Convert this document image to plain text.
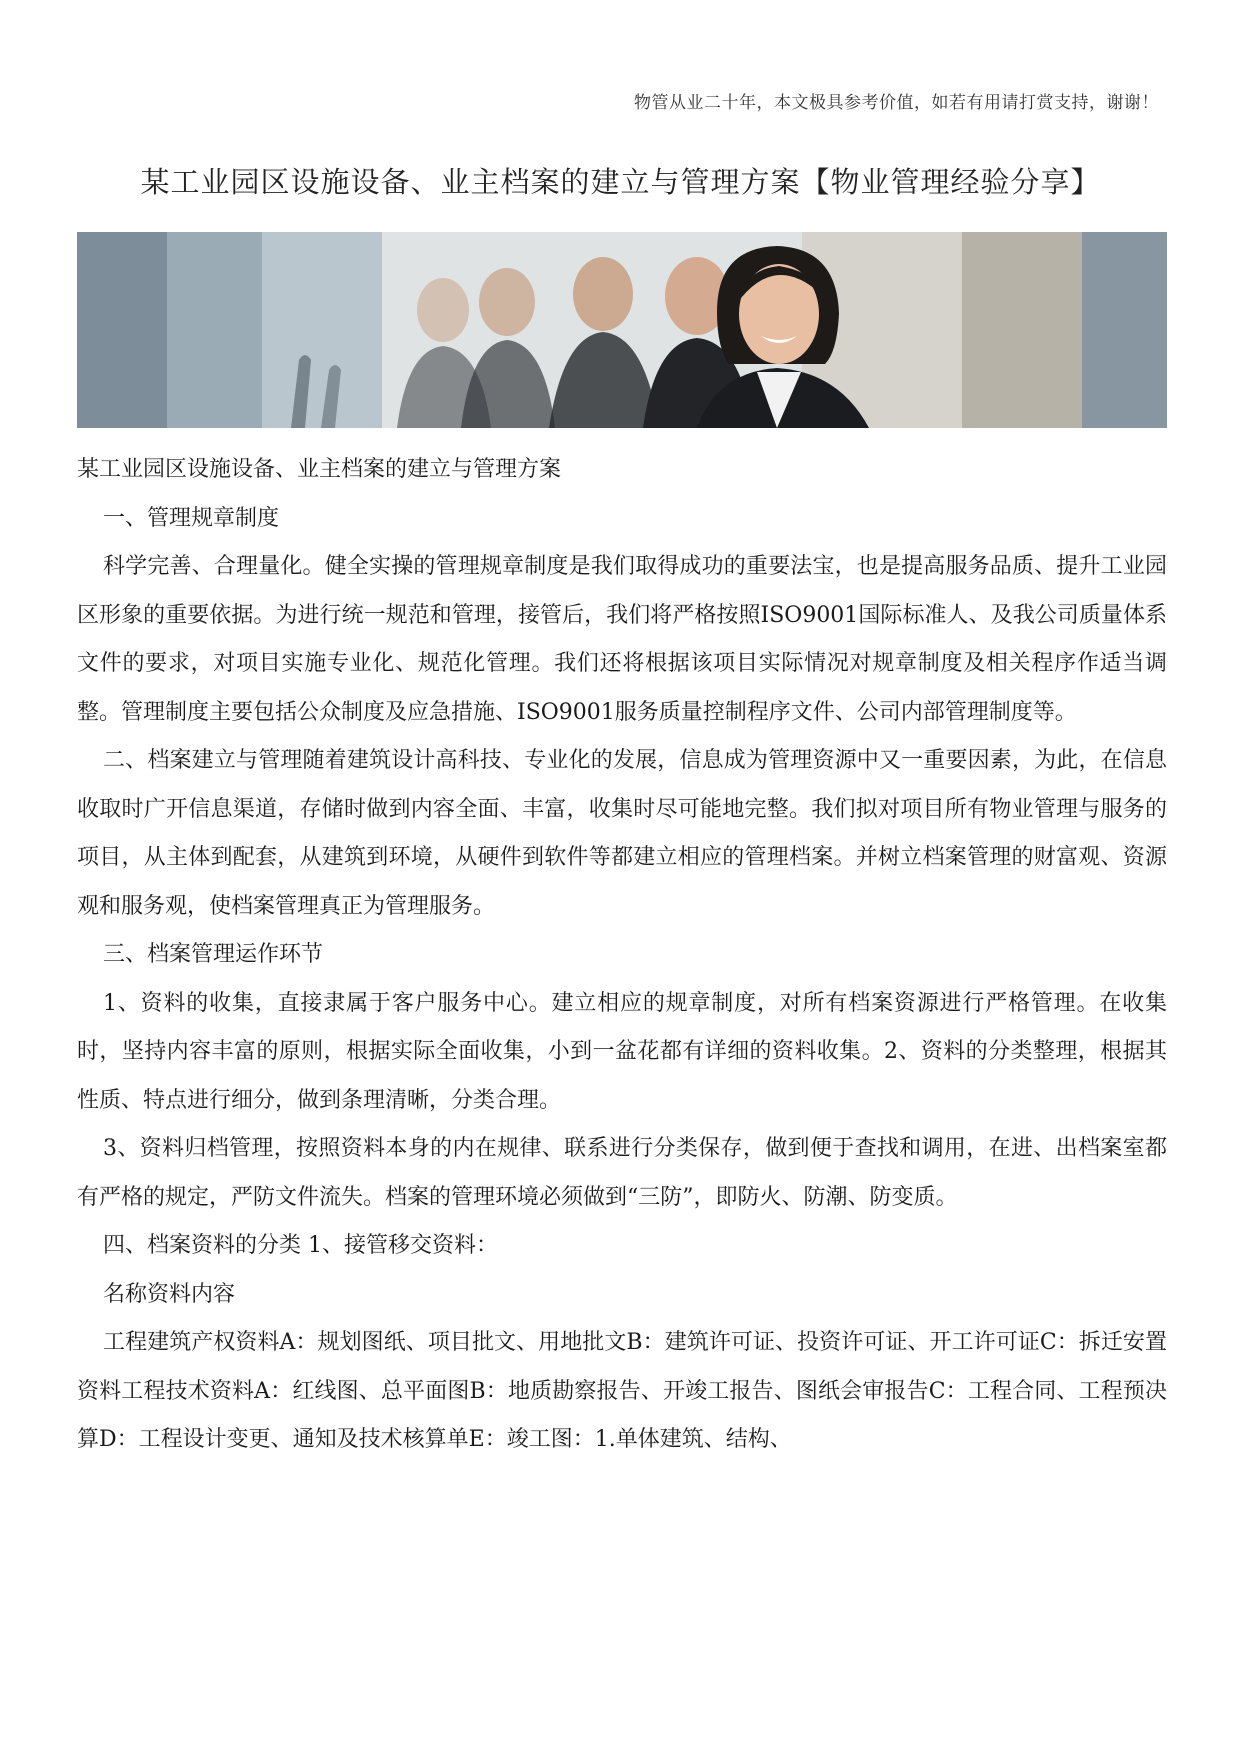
物管从业二十年，本文极具参考价值，如若有用请打赏支持，谢谢！
某工业园区设施设备、业主档案的建立与管理方案【物业管理经验分享】

某工业园区设施设备、业主档案的建立与管理方案

一、管理规章制度

科学完善、合理量化。健全实操的管理规章制度是我们取得成功的重要法宝，也是提高服务品质、提升工业园区形象的重要依据。为进行统一规范和管理，接管后，我们将严格按照ISO9001国际标准人、及我公司质量体系文件的要求，对项目实施专业化、规范化管理。我们还将根据该项目实际情况对规章制度及相关程序作适当调整。管理制度主要包括公众制度及应急措施、ISO9001服务质量控制程序文件、公司内部管理制度等。

二、档案建立与管理随着建筑设计高科技、专业化的发展，信息成为管理资源中又一重要因素，为此，在信息收取时广开信息渠道，存储时做到内容全面、丰富，收集时尽可能地完整。我们拟对项目所有物业管理与服务的项目，从主体到配套，从建筑到环境，从硬件到软件等都建立相应的管理档案。并树立档案管理的财富观、资源观和服务观，使档案管理真正为管理服务。

三、档案管理运作环节

1、资料的收集，直接隶属于客户服务中心。建立相应的规章制度，对所有档案资源进行严格管理。在收集时，坚持内容丰富的原则，根据实际全面收集，小到一盆花都有详细的资料收集。2、资料的分类整理，根据其性质、特点进行细分，做到条理清晰，分类合理。

3、资料归档管理，按照资料本身的内在规律、联系进行分类保存，做到便于查找和调用，在进、出档案室都有严格的规定，严防文件流失。档案的管理环境必须做到“三防”，即防火、防潮、防变质。

四、档案资料的分类 1、接管移交资料：

名称资料内容

工程建筑产权资料A：规划图纸、项目批文、用地批文B：建筑许可证、投资许可证、开工许可证C：拆迁安置资料工程技术资料A：红线图、总平面图B：地质勘察报告、开竣工报告、图纸会审报告C：工程合同、工程预决算D：工程设计变更、通知及技术核算单E：竣工图：1.单体建筑、结构、
